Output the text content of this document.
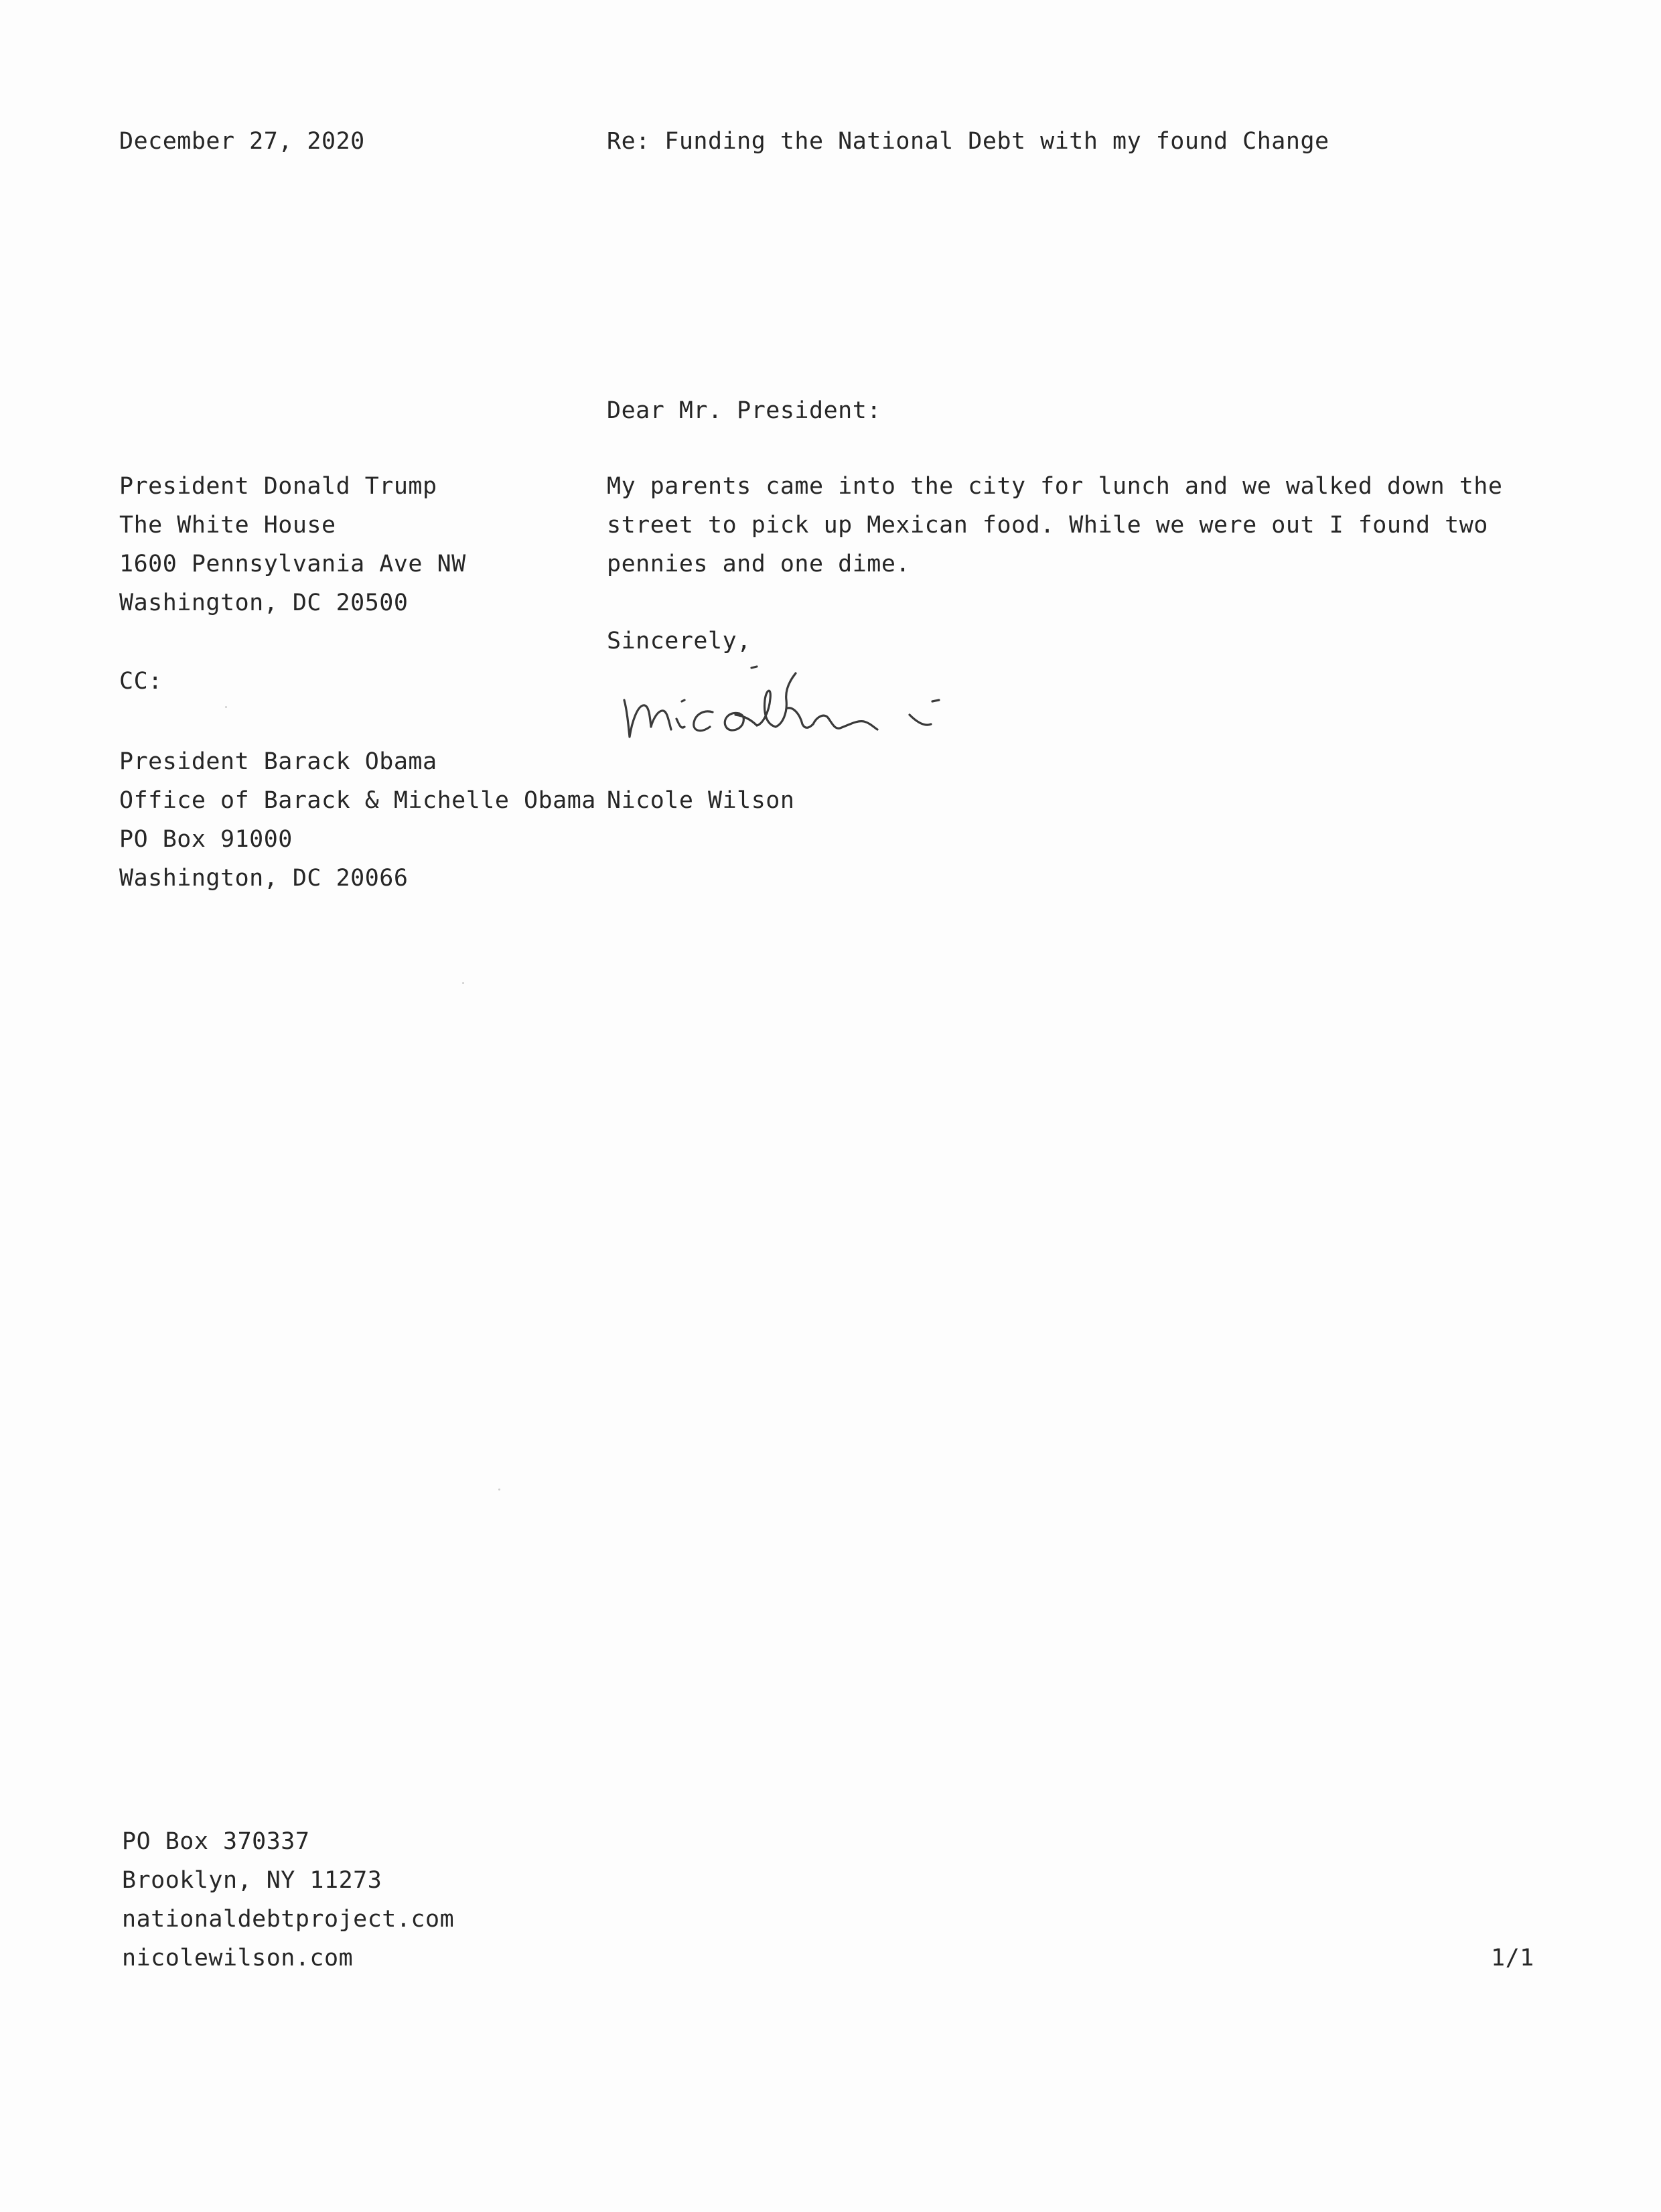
December 27, 2020	Re: Funding the National Debt with my found Change
Dear Mr. President:
President Donald Trump
The White House
1600 Pennsylvania Ave NW
Washington, DC 20500
My parents came into the city for lunch and we walked down the
street to pick up Mexican food. While we were out I found two
pennies and one dime.
Sincerely,
CC:
Nicole Wilson
President Barack Obama
Office of Barack & Michelle Obama
PO Box 91000
Washington, DC 20066
PO Box 370337
Brooklyn, NY 11273
nationaldebtproject.com
nicolewilson.com	1/1
